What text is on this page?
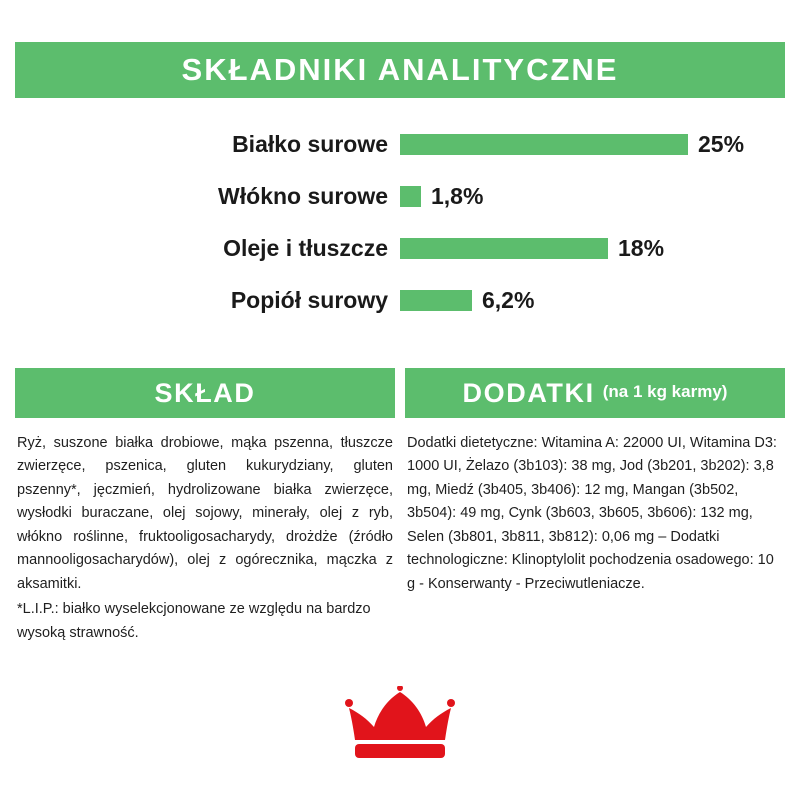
SKŁADNIKI ANALITYCZNE
Białko surowe	25%
Włókno surowe	1,8%
Oleje i tłuszcze	18%
Popiół surowy	6,2%
SKŁAD

Ryż, suszone białka drobiowe, mąka pszenna, tłuszcze zwierzęce, pszenica, gluten kukurydziany, gluten pszenny*, jęczmień, hydrolizowane białka zwierzęce, wysłodki buraczane, olej sojowy, minerały, olej z ryb, włókno roślinne, fruktooligosacharydy, drożdże (źródło mannooligosacharydów), olej z ogórecznika, mączka z aksamitki.

*L.I.P.: białko wyselekcjonowane ze względu na bardzo wysoką strawność.

DODATKI (na 1 kg karmy)

Dodatki dietetyczne: Witamina A: 22000 UI, Witamina D3: 1000 UI, Żelazo (3b103): 38 mg, Jod (3b201, 3b202): 3,8 mg, Miedź (3b405, 3b406): 12 mg, Mangan (3b502, 3b504): 49 mg, Cynk (3b603, 3b605, 3b606): 132 mg, Selen (3b801, 3b811, 3b812): 0,06 mg – Dodatki technologiczne: Klinoptylolit pochodzenia osadowego: 10 g - Konserwanty - Przeciwutleniacze.
